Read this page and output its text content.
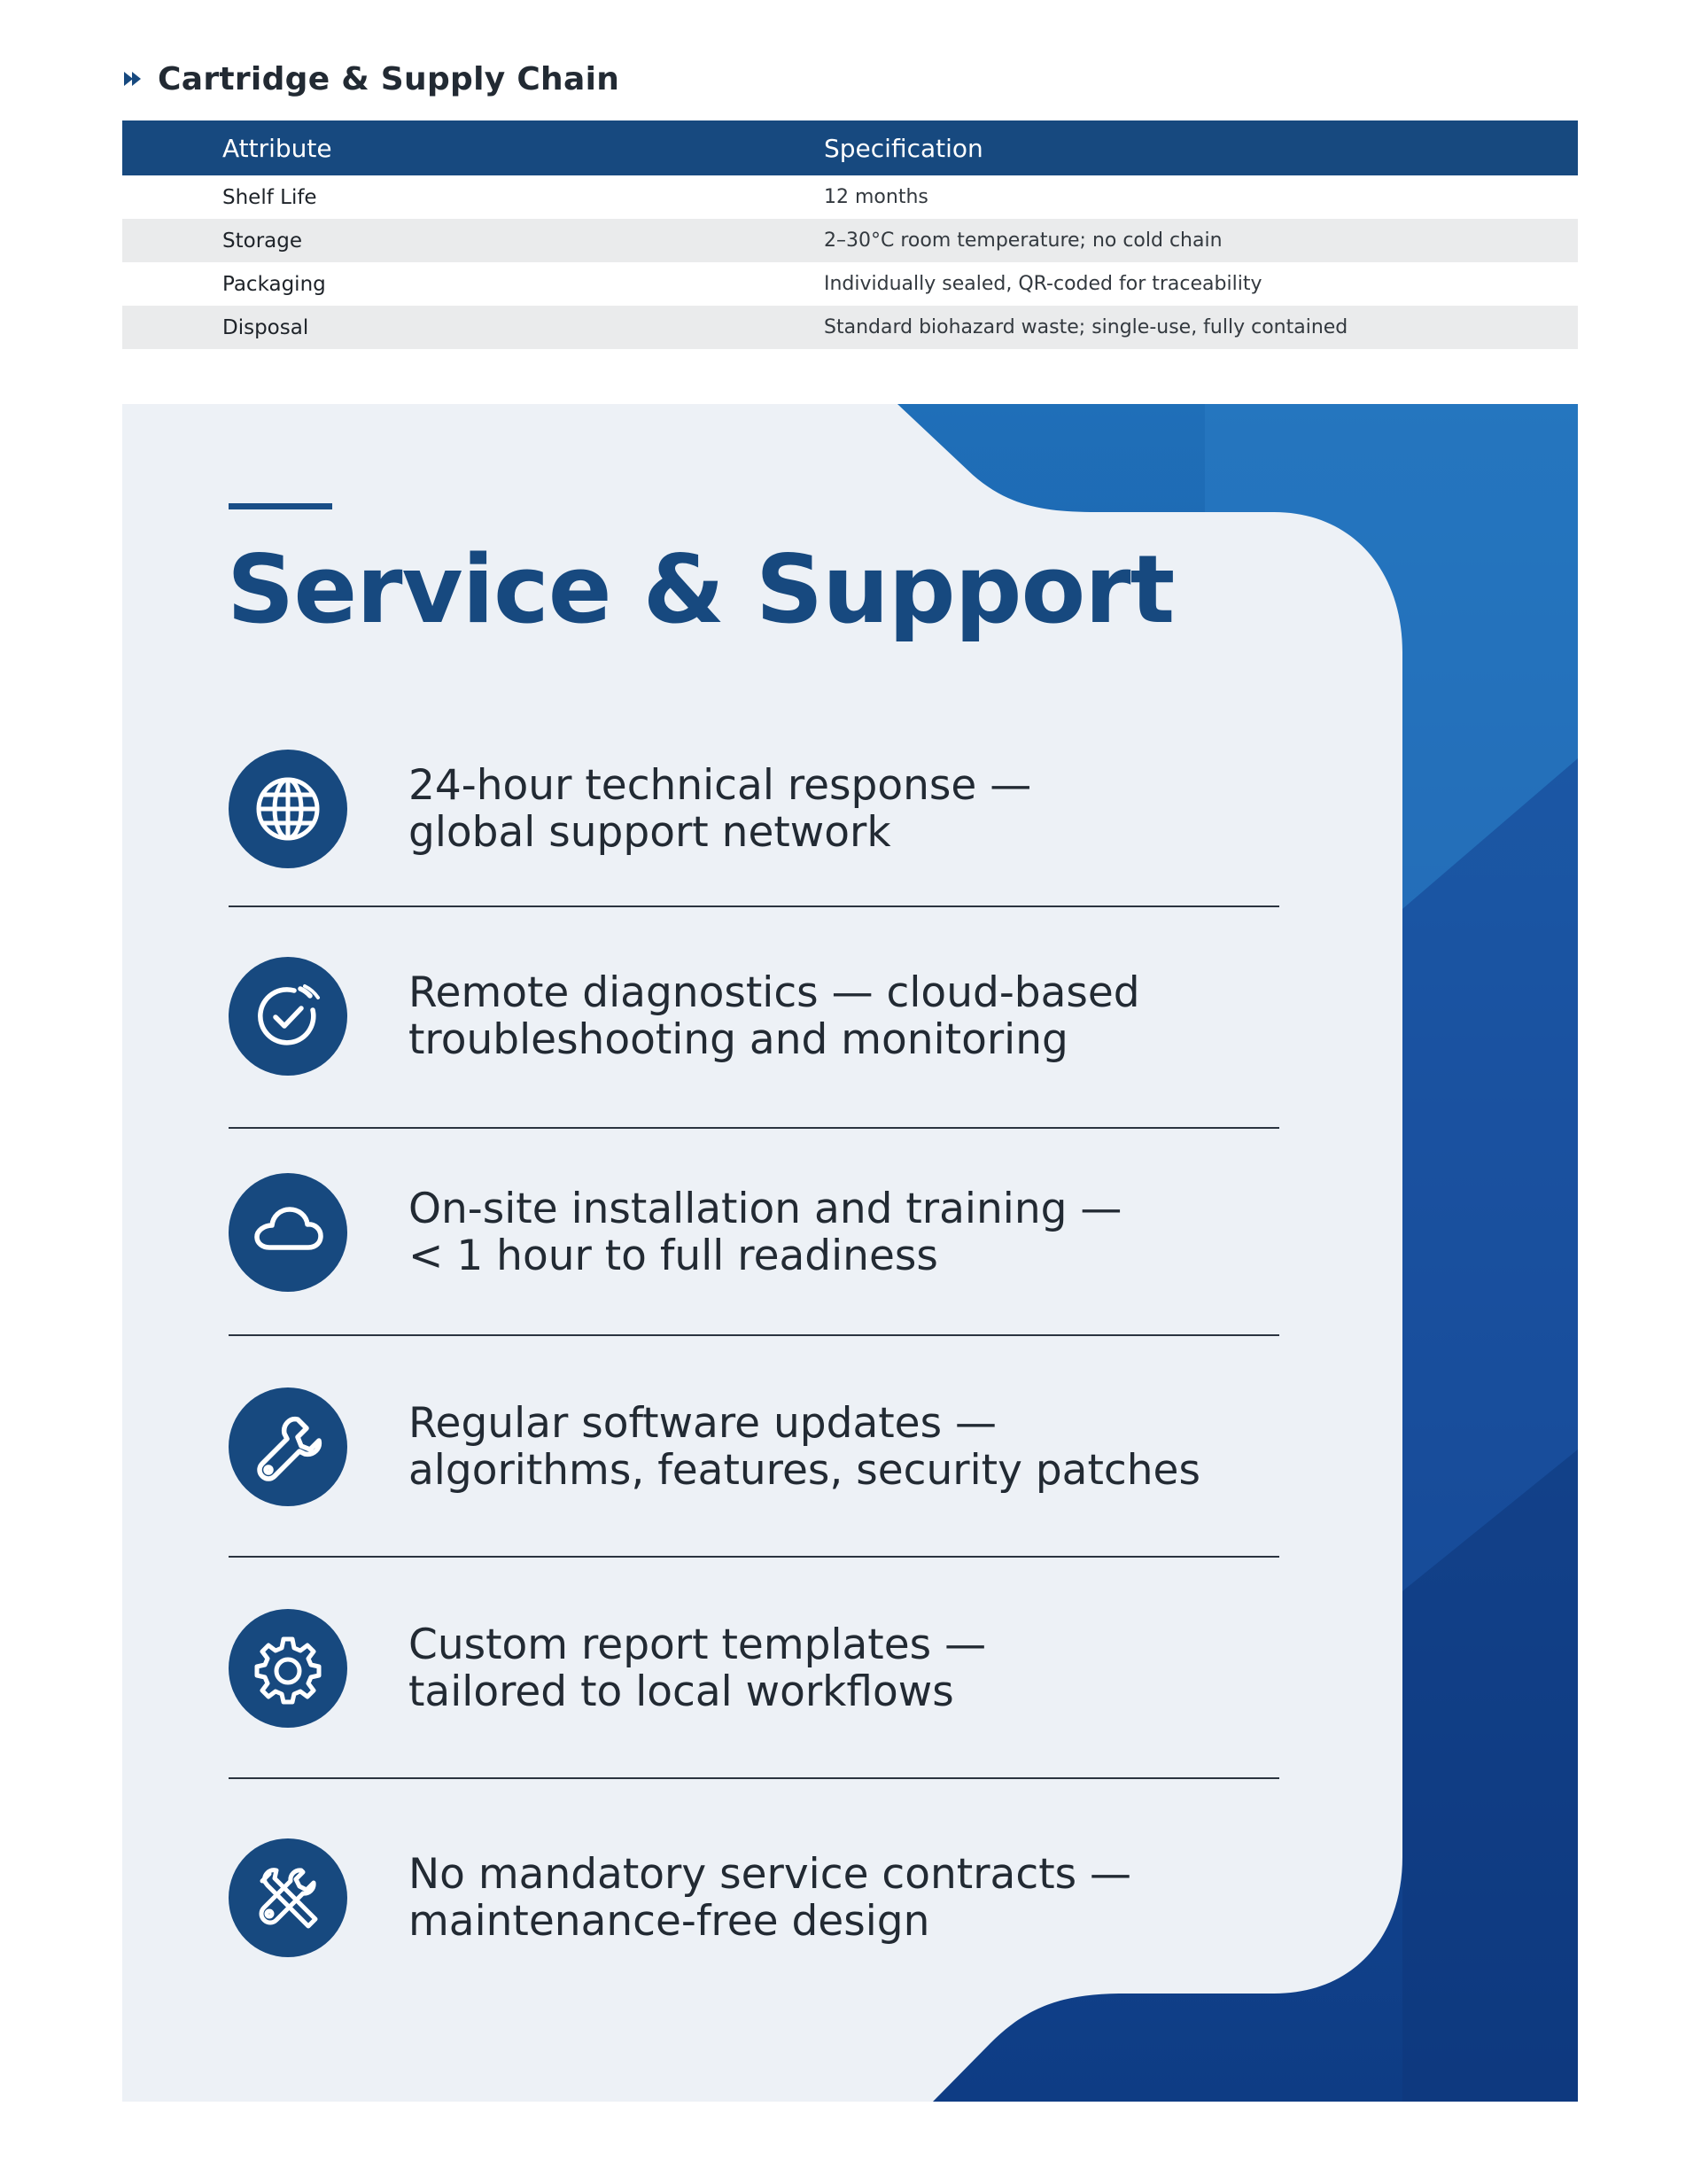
Cartridge & Supply Chain
Attribute	Specification
Shelf Life	12 months
Storage	2–30°C room temperature; no cold chain
Packaging	Individually sealed, QR-coded for traceability
Disposal	Standard biohazard waste; single-use, fully contained
Service & Support
24-hour technical response —
global support network
Remote diagnostics — cloud-based
troubleshooting and monitoring
On-site installation and training —
< 1 hour to full readiness
Regular software updates —
algorithms, features, security patches
Custom report templates —
tailored to local workflows
No mandatory service contracts —
maintenance-free design
